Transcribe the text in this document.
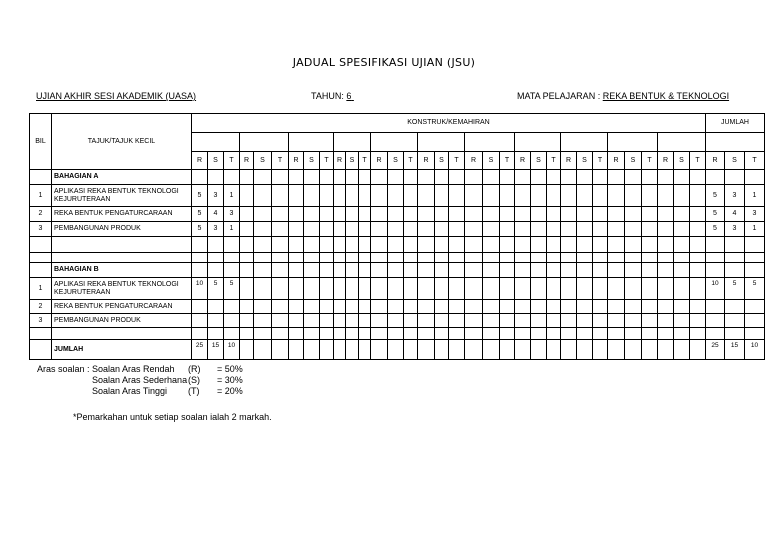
JADUAL SPESIFIKASI UJIAN (JSU)
UJIAN AKHIR SESI AKADEMIK (UASA)	TAHUN: 6	MATA PELAJARAN : REKA BENTUK & TEKNOLOGI
BIL	TAJUK/TAJUK KECIL	KONSTRUK/KEMAHIRAN																																	JUMLAH		

		R	S	T	R	S	T	R	S	T	R	S	T	R	S	T	R	S	T	R	S	T	R	S	T	R	S	T	R	S	T	R	S	T	R	S	T
	BAHAGIAN A																																				
1	APLIKASI REKA BENTUK TEKNOLOGI
KEJURUTERAAN	5	3	1																															5	3	1
2	REKA BENTUK PENGATURCARAAN	5	4	3																															5	4	3
3	PEMBANGUNAN PRODUK	5	3	1																															5	3	1

	BAHAGIAN B																																				
1	APLIKASI REKA BENTUK TEKNOLOGI
KEJURUTERAAN	10	5	5																															10	5	5
2	REKA BENTUK PENGATURCARAAN																																				

3	PEMBANGUNAN PRODUK																																				

	JUMLAH	25	15	10																															25	15	10
Aras soalan : Soalan Aras Rendah (R) = 50%
Soalan Aras Sederhana (S) = 30%
Soalan Aras Tinggi (T) = 20%
*Pemarkahan untuk setiap soalan ialah 2 markah.
